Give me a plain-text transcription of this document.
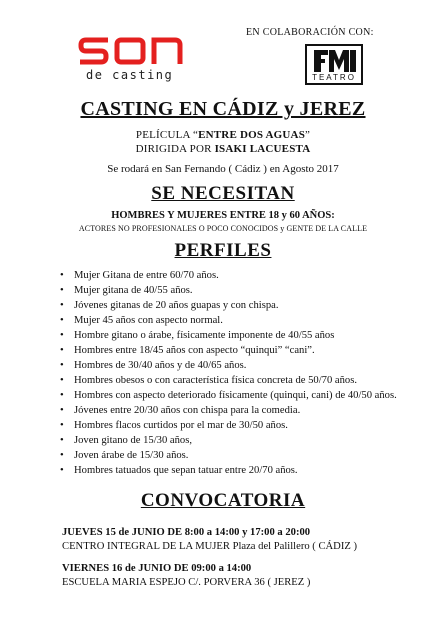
de casting
EN COLABORACIÓN CON:
TEATRO
CASTING EN CÁDIZ y JEREZ
PELÍCULA “ENTRE DOS AGUAS”
DIRIGIDA POR ISAKI LACUESTA
Se rodará en San Fernando ( Cádiz ) en Agosto 2017
SE NECESITAN
HOMBRES Y MUJERES ENTRE 18 y 60 AÑOS:
ACTORES NO PROFESIONALES O POCO CONOCIDOS y GENTE DE LA CALLE
PERFILES
• Mujer Gitana de entre 60/70 años.
• Mujer gitana de 40/55 años.
• Jóvenes gitanas de 20 años guapas y con chispa.
• Mujer 45 años con aspecto normal.
• Hombre gitano o árabe, físicamente imponente de 40/55 años
• Hombres entre 18/45 años con aspecto “quinqui” “cani”.
• Hombres de 30/40 años y de 40/65 años.
• Hombres obesos o con característica física concreta de 50/70 años.
• Hombres con aspecto deteriorado físicamente (quinqui, cani) de 40/50 años.
• Jóvenes entre 20/30 años con chispa para la comedia.
• Hombres flacos curtidos por el mar de 30/50 años.
• Joven gitano de 15/30 años,
• Joven árabe de 15/30 años.
• Hombres tatuados que sepan tatuar entre 20/70 años.
CONVOCATORIA
JUEVES 15 de JUNIO DE 8:00 a 14:00 y 17:00 a 20:00
CENTRO INTEGRAL DE LA MUJER Plaza del Palillero ( CÁDIZ )
VIERNES 16 de JUNIO DE 09:00 a 14:00
ESCUELA MARIA ESPEJO C/. PORVERA 36 ( JEREZ )
